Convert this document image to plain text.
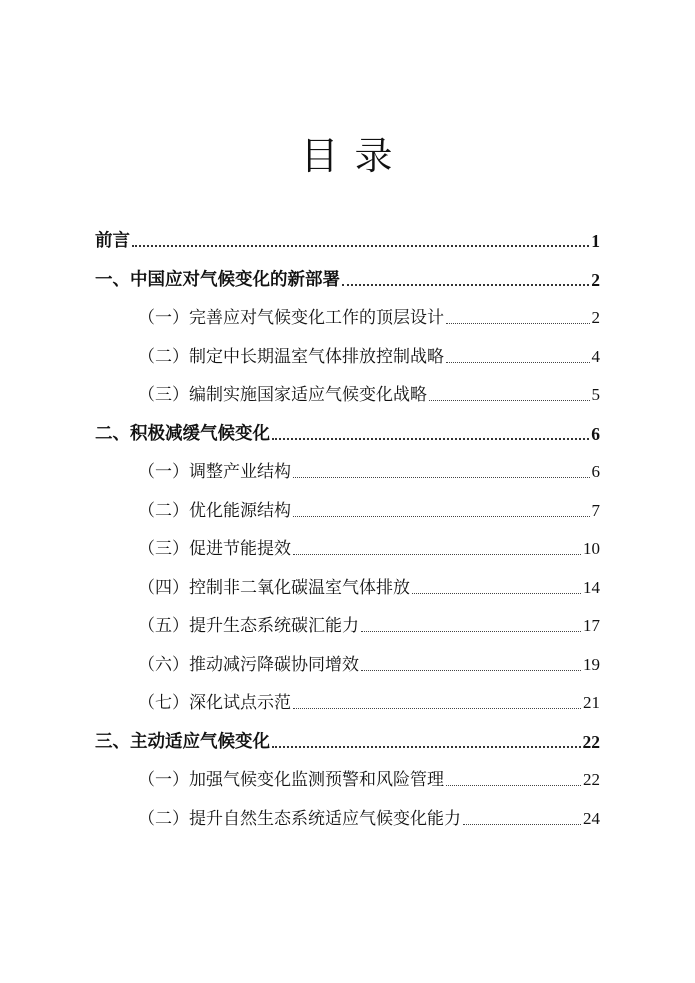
目 录
前言	1
一、中国应对气候变化的新部署	2
（一）完善应对气候变化工作的顶层设计	2
（二）制定中长期温室气体排放控制战略	4
（三）编制实施国家适应气候变化战略	5
二、积极减缓气候变化	6
（一）调整产业结构	6
（二）优化能源结构	7
（三）促进节能提效	10
（四）控制非二氧化碳温室气体排放	14
（五）提升生态系统碳汇能力	17
（六）推动减污降碳协同增效	19
（七）深化试点示范	21
三、主动适应气候变化	22
（一）加强气候变化监测预警和风险管理	22
（二）提升自然生态系统适应气候变化能力	24
